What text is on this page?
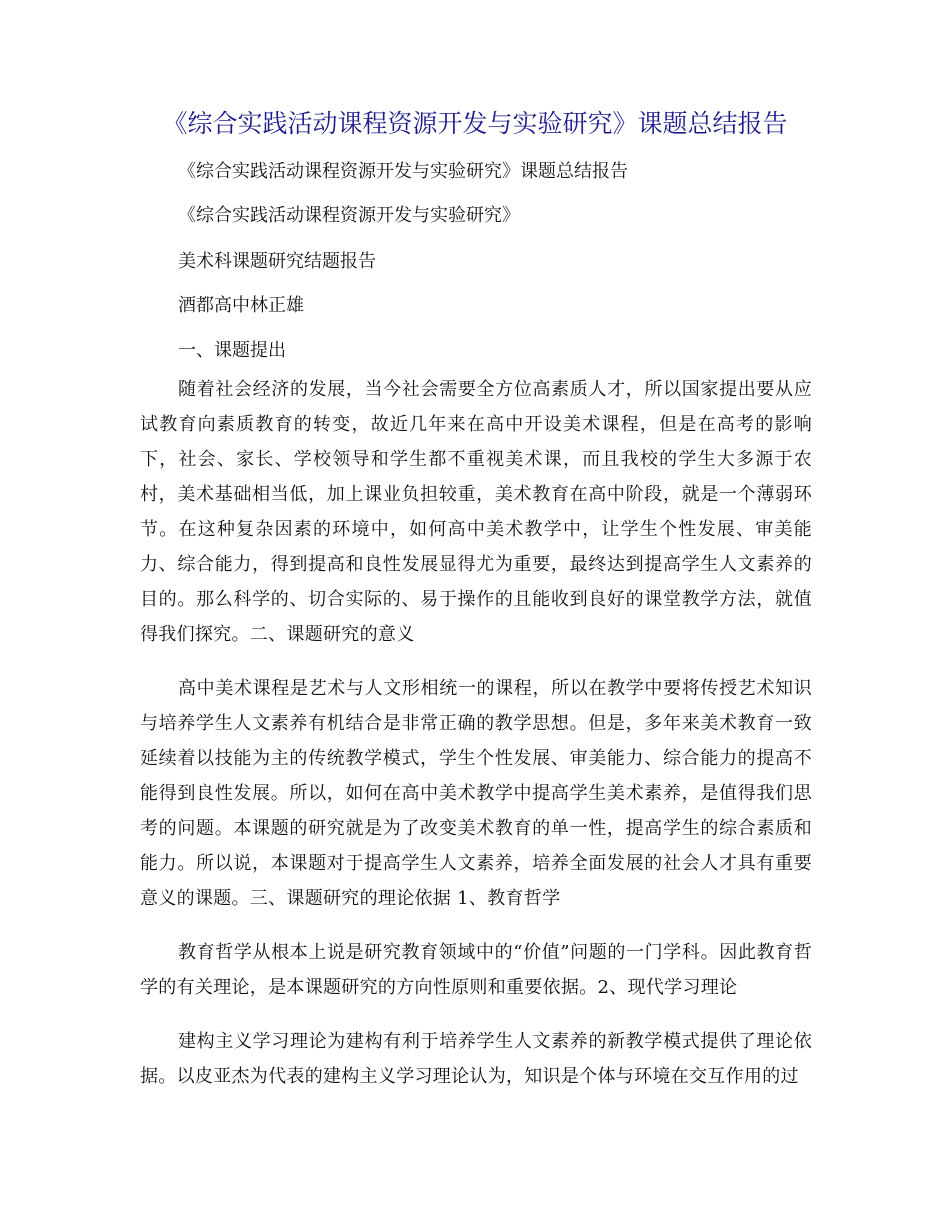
《综合实践活动课程资源开发与实验研究》课题总结报告

《综合实践活动课程资源开发与实验研究》课题总结报告

《综合实践活动课程资源开发与实验研究》

美术科课题研究结题报告

酒都高中林正雄

一、课题提出

随着社会经济的发展，当今社会需要全方位高素质人才，所以国家提出要从应试教育向素质教育的转变，故近几年来在高中开设美术课程，但是在高考的影响下，社会、家长、学校领导和学生都不重视美术课，而且我校的学生大多源于农村，美术基础相当低，加上课业负担较重，美术教育在高中阶段，就是一个薄弱环节。在这种复杂因素的环境中，如何高中美术教学中，让学生个性发展、审美能力、综合能力，得到提高和良性发展显得尤为重要，最终达到提高学生人文素养的目的。那么科学的、切合实际的、易于操作的且能收到良好的课堂教学方法，就值得我们探究。二、课题研究的意义

高中美术课程是艺术与人文形相统一的课程，所以在教学中要将传授艺术知识与培养学生人文素养有机结合是非常正确的教学思想。但是，多年来美术教育一致延续着以技能为主的传统教学模式，学生个性发展、审美能力、综合能力的提高不能得到良性发展。所以，如何在高中美术教学中提高学生美术素养，是值得我们思考的问题。本课题的研究就是为了改变美术教育的单一性，提高学生的综合素质和能力。所以说，本课题对于提高学生人文素养，培养全面发展的社会人才具有重要意义的课题。三、课题研究的理论依据 1、教育哲学

教育哲学从根本上说是研究教育领域中的“价值”问题的一门学科。因此教育哲学的有关理论，是本课题研究的方向性原则和重要依据。2、现代学习理论

建构主义学习理论为建构有利于培养学生人文素养的新教学模式提供了理论依据。以皮亚杰为代表的建构主义学习理论认为，知识是个体与环境在交互作用的过
